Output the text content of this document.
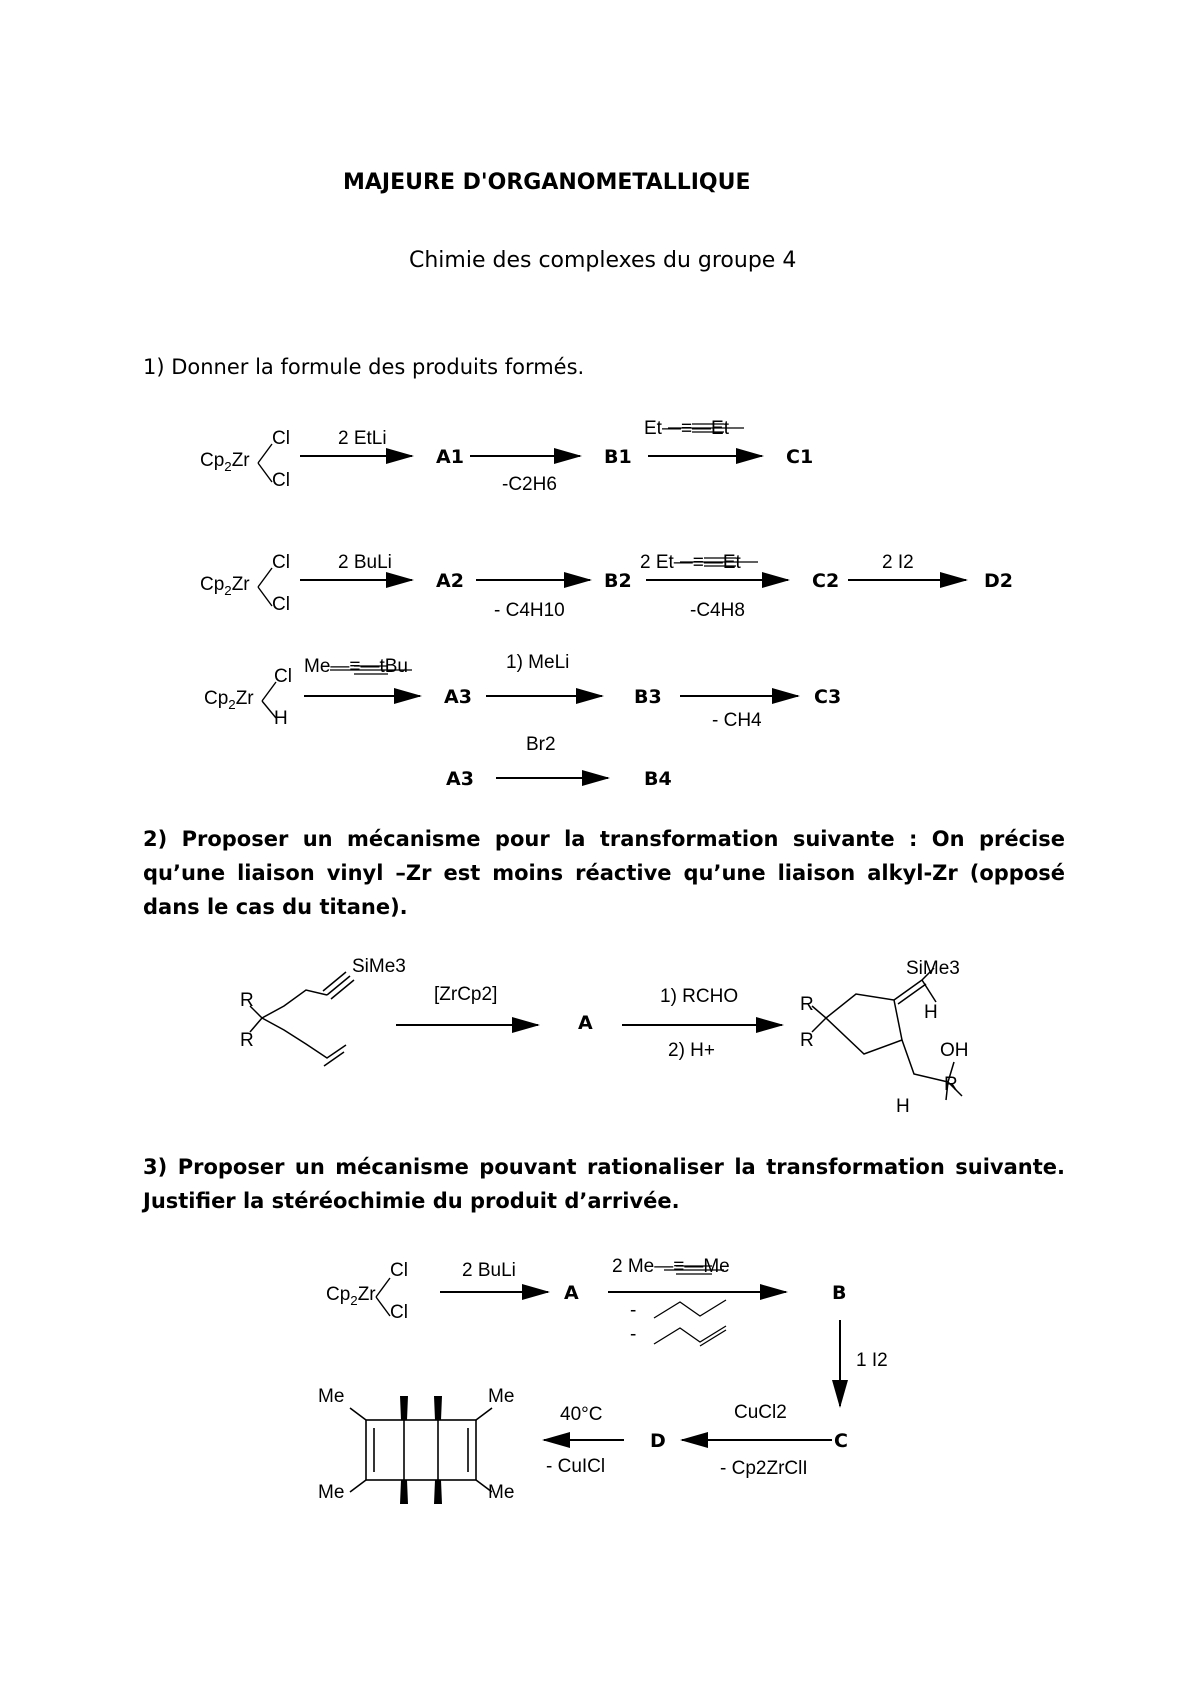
MAJEURE D'ORGANOMETALLIQUE
Chimie des complexes du groupe 4
1) Donner la formule des produits formés.
$Cp_2Zr$
Cl
Cl
2 EtLi
A1
-C2H6
B1
Et—≡—Et
C1
$Cp_2Zr$
Cl
Cl
2 BuLi
A2
- C4H10
B2
2 Et—≡—Et
-C4H8
C2
2 I2
D2
$Cp_2Zr$
Cl
H
Me—≡—tBu
A3
1) MeLi
B3
- CH4
C3
A3
Br2
B4
2) Proposer un mécanisme pour la transformation suivante : On précise qu’une liaison vinyl –Zr est moins réactive qu’une liaison alkyl-Zr (opposé dans le cas du titane).
SiMe3
R
R
[ZrCp2]
A
1) RCHO
2) H+
SiMe3
H
R
R	OH
R
H
3) Proposer un mécanisme pouvant rationaliser la transformation suivante. Justifier la stéréochimie du produit d’arrivée.
$Cp_2Zr$
Cl
Cl
2 BuLi
A
2 Me—≡—Me
-
-
B
1 I2
C
CuCl2
- Cp2ZrClI
D
40°C
- CuICl
Me
Me
Me
Me
